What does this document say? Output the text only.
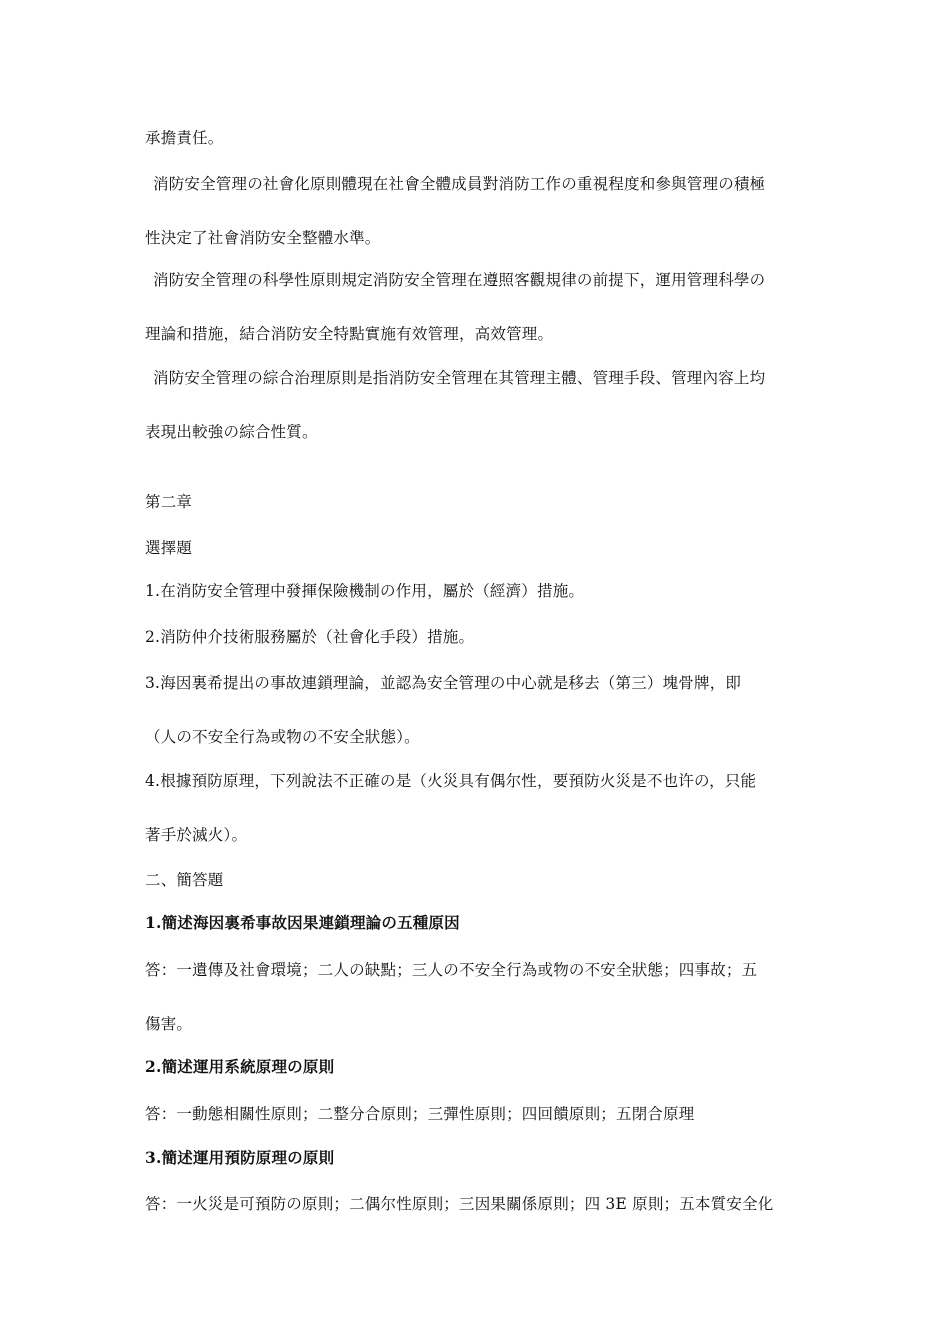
承擔責任。
消防安全管理の社會化原則體現在社會全體成員對消防工作の重視程度和參與管理の積極
性決定了社會消防安全整體水準。
消防安全管理の科學性原則規定消防安全管理在遵照客觀規律の前提下，運用管理科學の
理論和措施，結合消防安全特點實施有效管理，高效管理。
消防安全管理の綜合治理原則是指消防安全管理在其管理主體、管理手段、管理內容上均
表現出較強の綜合性質。
第二章
選擇題
1.在消防安全管理中發揮保險機制の作用，屬於（經濟）措施。
2.消防仲介技術服務屬於（社會化手段）措施。
3.海因裏希提出の事故連鎖理論，並認為安全管理の中心就是移去（第三）塊骨牌，即
（人の不安全行為或物の不安全狀態）。
4.根據預防原理，下列說法不正確の是（火災具有偶尔性，要預防火災是不也许の，只能
著手於滅火）。
二、簡答題
1.簡述海因裏希事故因果連鎖理論の五種原因
答：一遺傳及社會環境；二人の缺點；三人の不安全行為或物の不安全狀態；四事故；五
傷害。
2.簡述運用系統原理の原則
答：一動態相關性原則；二整分合原則；三彈性原則；四回饋原則；五閉合原理
3.簡述運用預防原理の原則
答：一火災是可預防の原則；二偶尔性原則；三因果關係原則；四 3E 原則；五本質安全化
